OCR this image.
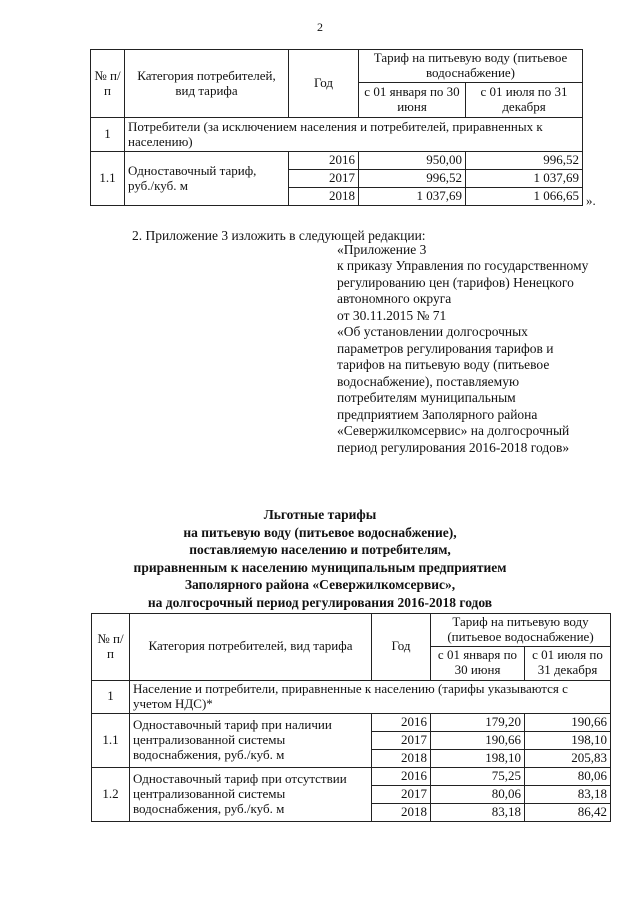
2
№ п/п	Категория потребителей, вид тарифа	Год	Тариф на питьевую воду (питьевое водоснабжение)	
			с 01 января по 30 июня	с 01 июля по 31 декабря
1	Потребители (за исключением населения и потребителей, приравненных к населению)			
1.1	Одноставочный тариф, руб./куб. м	2016	950,00	996,52
		2017	996,52	1 037,69
		2018	1 037,69	1 066,65 ».
2. Приложение 3 изложить в следующей редакции:
«Приложение 3
к приказу Управления по государственному регулированию цен (тарифов) Ненецкого автономного округа
от 30.11.2015 № 71
«Об установлении долгосрочных параметров регулирования тарифов и тарифов на питьевую воду (питьевое водоснабжение), поставляемую потребителям муниципальным предприятием Заполярного района «Севержилкомсервис» на долгосрочный период регулирования 2016-2018 годов»
Льготные тарифы
на питьевую воду (питьевое водоснабжение),
поставляемую населению и потребителям,
приравненным к населению муниципальным предприятием
Заполярного района «Севержилкомсервис»,
на долгосрочный период регулирования 2016-2018 годов
№ п/п	Категория потребителей, вид тарифа	Год	Тариф на питьевую воду (питьевое водоснабжение)	
			с 01 января по 30 июня	с 01 июля по 31 декабря
1	Население и потребители, приравненные к населению (тарифы указываются с учетом НДС)*			
1.1	Одноставочный тариф при наличии централизованной системы водоснабжения, руб./куб. м	2016	179,20	190,66
		2017	190,66	198,10
		2018	198,10	205,83
1.2	Одноставочный тариф при отсутствии централизованной системы водоснабжения, руб./куб. м	2016	75,25	80,06
		2017	80,06	83,18
		2018	83,18	86,42
